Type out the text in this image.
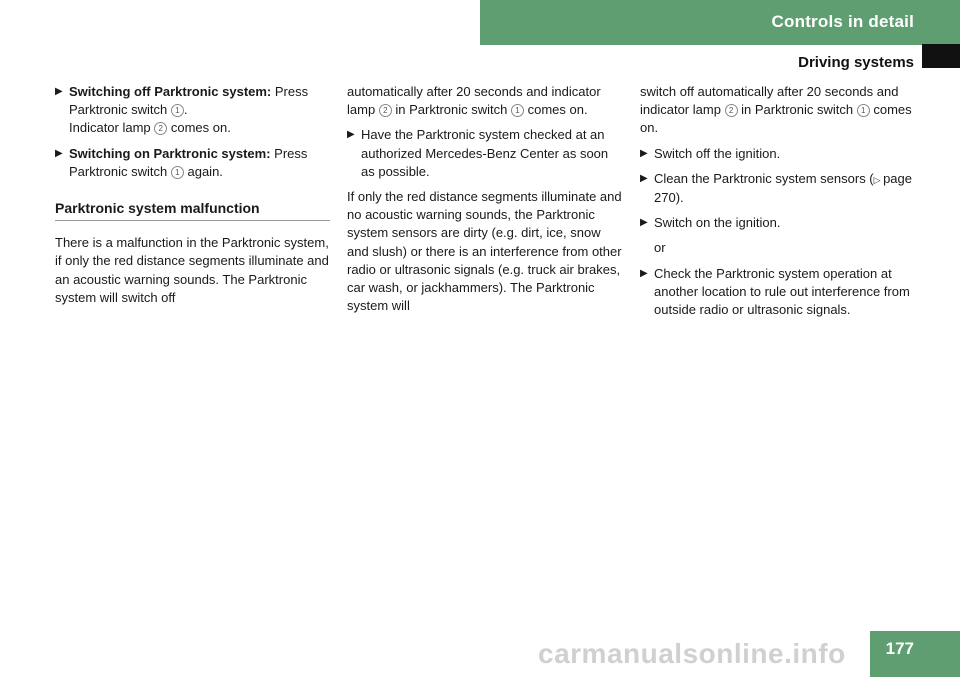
Controls in detail
Driving systems
▶ Switching off Parktronic system: Press Parktronic switch 1 .
Indicator lamp 2 comes on.
▶ Switching on Parktronic system: Press Parktronic switch 1 again.
Parktronic system malfunction

There is a malfunction in the Parktronic system, if only the red distance segments illuminate and an acoustic warning sounds. The Parktronic system will switch off

automatically after 20 seconds and indicator lamp 2 in Parktronic switch 1 comes on.

▶ Have the Parktronic system checked at an authorized Mercedes-Benz Center as soon as possible.

If only the red distance segments illuminate and no acoustic warning sounds, the Parktronic system sensors are dirty (e.g. dirt, ice, snow and slush) or there is an interference from other radio or ultrasonic signals (e.g. truck air brakes, car wash, or jackhammers). The Parktronic system will

switch off automatically after 20 seconds and indicator lamp 2 in Parktronic switch 1 comes on.

▶ Switch off the ignition.
▶ Clean the Parktronic system sensors (▷ page 270).
▶ Switch on the ignition.
or
▶ Check the Parktronic system operation at another location to rule out interference from outside radio or ultrasonic signals.
177
carmanualsonline.info
